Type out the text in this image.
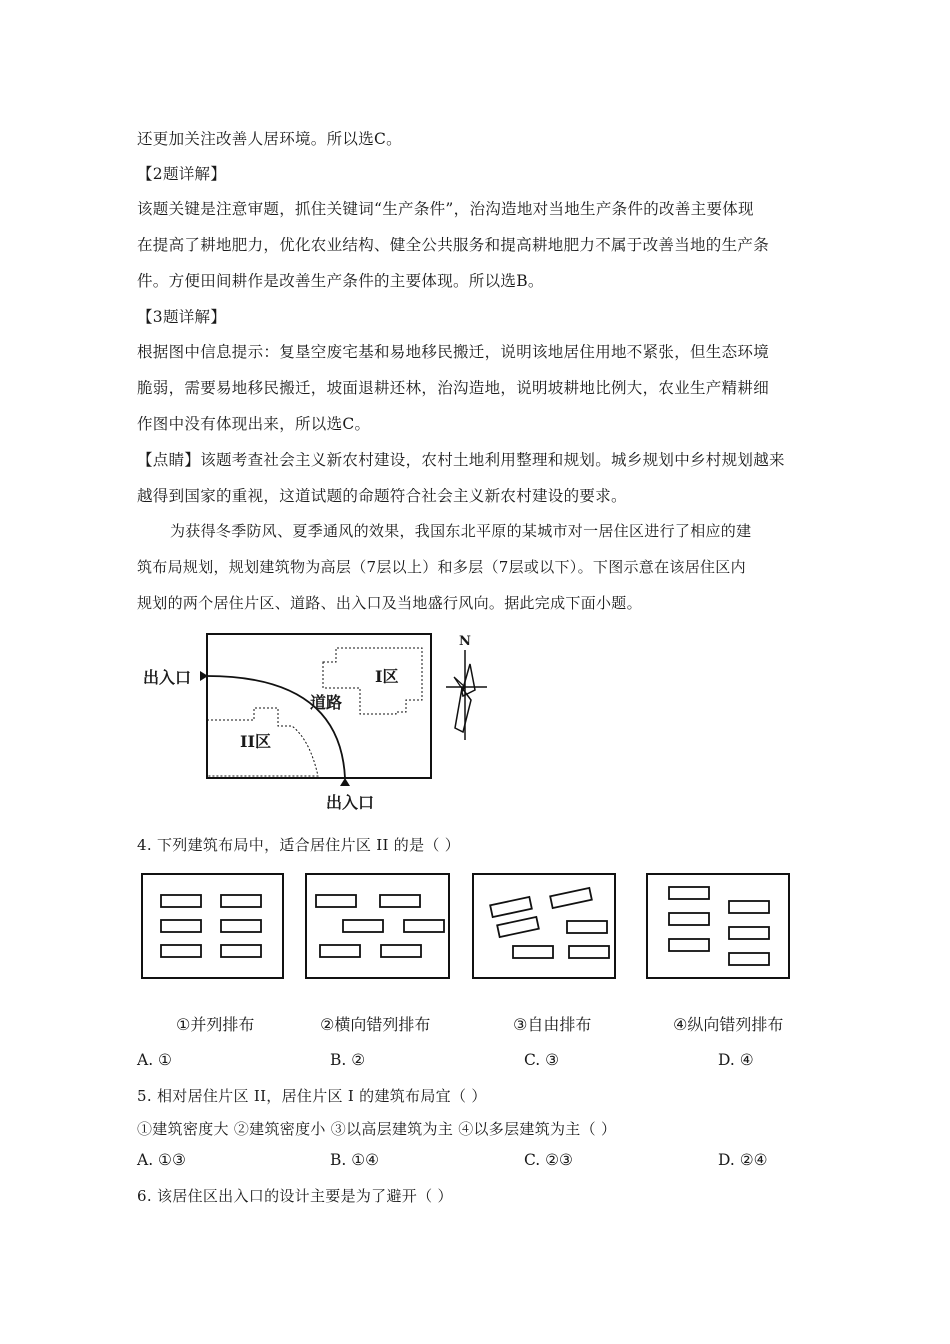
还更加关注改善人居环境。所以选C。
【2题详解】
该题关键是注意审题，抓住关键词“生产条件”，治沟造地对当地生产条件的改善主要体现
在提高了耕地肥力，优化农业结构、健全公共服务和提高耕地肥力不属于改善当地的生产条
件。方便田间耕作是改善生产条件的主要体现。所以选B。
【3题详解】
根据图中信息提示：复垦空废宅基和易地移民搬迁，说明该地居住用地不紧张，但生态环境
脆弱，需要易地移民搬迁，坡面退耕还林，治沟造地，说明坡耕地比例大，农业生产精耕细
作图中没有体现出来，所以选C。
【点睛】该题考查社会主义新农村建设，农村土地利用整理和规划。城乡规划中乡村规划越来
越得到国家的重视，这道试题的命题符合社会主义新农村建设的要求。
为获得冬季防风、夏季通风的效果，我国东北平原的某城市对一居住区进行了相应的建
筑布局规划，规划建筑物为高层（7层以上）和多层（7层或以下）。下图示意在该居住区内
规划的两个居住片区、道路、出入口及当地盛行风向。据此完成下面小题。
出入口
出入口
I区
II区
道路
N
4. 下列建筑布局中，适合居住片区 II 的是（ ）
①并列排布	②横向错列排布	③自由排布	④纵向错列排布
A. ①	B. ②	C. ③	D. ④
5. 相对居住片区 II，居住片区 I 的建筑布局宜（ ）
①建筑密度大 ②建筑密度小 ③以高层建筑为主 ④以多层建筑为主（ ）
A. ①③	B. ①④	C. ②③	D. ②④
6. 该居住区出入口的设计主要是为了避开（ ）
